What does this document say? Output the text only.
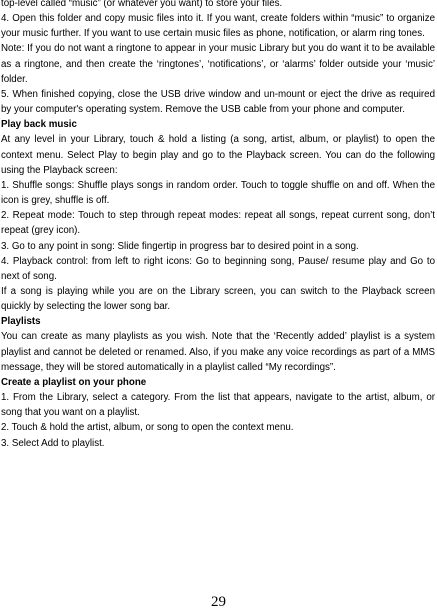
top-level called “music” (or whatever you want) to store your files.

4. Open this folder and copy music files into it. If you want, create folders within “music” to organize your music further. If you want to use certain music files as phone, notification, or alarm ring tones.

Note: If you do not want a ringtone to appear in your music Library but you do want it to be available as a ringtone, and then create the ‘ringtones’, ‘notifications’, or ‘alarms’ folder outside your ‘music’ folder.

5. When finished copying, close the USB drive window and un-mount or eject the drive as required by your computer's operating system. Remove the USB cable from your phone and computer.

Play back music

At any level in your Library, touch & hold a listing (a song, artist, album, or playlist) to open the context menu. Select Play to begin play and go to the Playback screen. You can do the following using the Playback screen:

1. Shuffle songs: Shuffle plays songs in random order. Touch to toggle shuffle on and off. When the icon is grey, shuffle is off.

2. Repeat mode: Touch to step through repeat modes: repeat all songs, repeat current song, don’t repeat (grey icon).

3. Go to any point in song: Slide fingertip in progress bar to desired point in a song.

4. Playback control: from left to right icons: Go to beginning song, Pause/ resume play and Go to next of song.

If a song is playing while you are on the Library screen, you can switch to the Playback screen quickly by selecting the lower song bar.

Playlists

You can create as many playlists as you wish. Note that the ‘Recently added’ playlist is a system playlist and cannot be deleted or renamed. Also, if you make any voice recordings as part of a MMS message, they will be stored automatically in a playlist called “My recordings”.

Create a playlist on your phone

1. From the Library, select a category. From the list that appears, navigate to the artist, album, or song that you want on a playlist.

2. Touch & hold the artist, album, or song to open the context menu.

3. Select Add to playlist.

29
